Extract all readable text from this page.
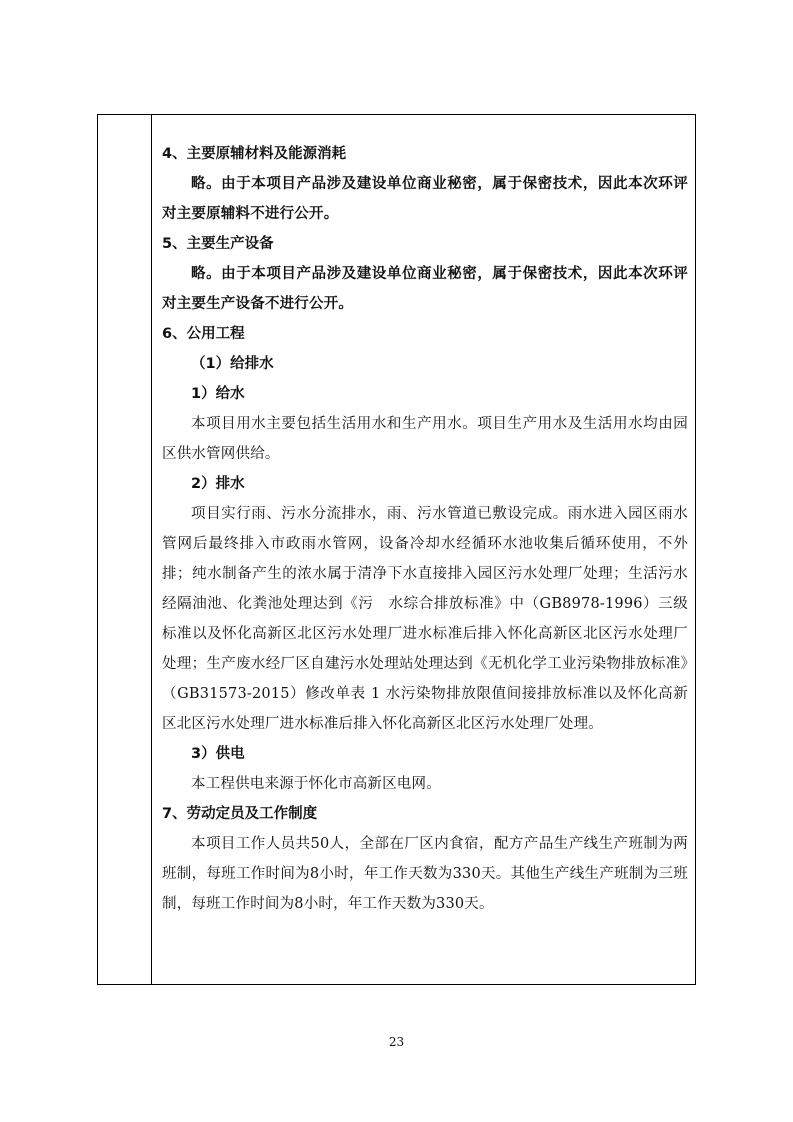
4、主要原辅材料及能源消耗

略。由于本项目产品涉及建设单位商业秘密，属于保密技术，因此本次环评对主要原辅料不进行公开。

5、主要生产设备

略。由于本项目产品涉及建设单位商业秘密，属于保密技术，因此本次环评对主要生产设备不进行公开。

6、公用工程

（1）给排水

1）给水

本项目用水主要包括生活用水和生产用水。项目生产用水及生活用水均由园区供水管网供给。

2）排水

项目实行雨、污水分流排水，雨、污水管道已敷设完成。雨水进入园区雨水管网后最终排入市政雨水管网，设备冷却水经循环水池收集后循环使用，不外排；纯水制备产生的浓水属于清净下水直接排入园区污水处理厂处理；生活污水经隔油池、化粪池处理达到《污　水综合排放标准》中（GB8978-1996）三级标准以及怀化高新区北区污水处理厂进水标准后排入怀化高新区北区污水处理厂处理；生产废水经厂区自建污水处理站处理达到《无机化学工业污染物排放标准》（GB31573-2015）修改单表 1 水污染物排放限值间接排放标准以及怀化高新区北区污水处理厂进水标准后排入怀化高新区北区污水处理厂处理。

3）供电

本工程供电来源于怀化市高新区电网。

7、劳动定员及工作制度

本项目工作人员共50人，全部在厂区内食宿，配方产品生产线生产班制为两班制，每班工作时间为8小时，年工作天数为330天。其他生产线生产班制为三班制，每班工作时间为8小时，年工作天数为330天。

23
